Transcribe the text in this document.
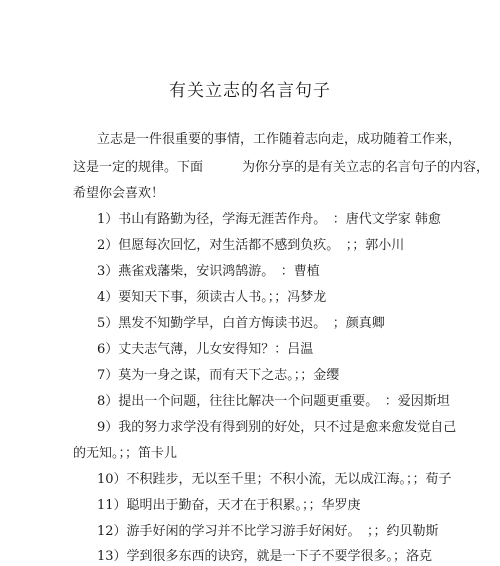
有关立志的名言句子
立志是一件很重要的事情，工作随着志向走，成功随着工作来，
这是一定的规律。下面　　　为你分享的是有关立志的名言句子的内容，
希望你会喜欢！
1）书山有路勤为径，学海无涯苦作舟。　：唐代文学家 韩愈
2）但愿每次回忆，对生活都不感到负疚。　；；郭小川
3）燕雀戏藩柴，安识鸿鹄游。　：曹植
4）要知天下事，须读古人书。；；冯梦龙
5）黑发不知勤学早，白首方悔读书迟。　；颜真卿
6）丈夫志气薄，儿女安得知？：吕温
7）莫为一身之谋，而有天下之志。；；金缨
8）提出一个问题，往往比解决一个问题更重要。　：爱因斯坦
9）我的努力求学没有得到别的好处，只不过是愈来愈发觉自己
的无知。；；笛卡儿
10）不积跬步，无以至千里；不积小流，无以成江海。；；荀子
11）聪明出于勤奋，天才在于积累。；；华罗庚
12）游手好闲的学习并不比学习游手好闲好。　；；约贝勒斯
13）学到很多东西的诀窍，就是一下子不要学很多。；洛克
